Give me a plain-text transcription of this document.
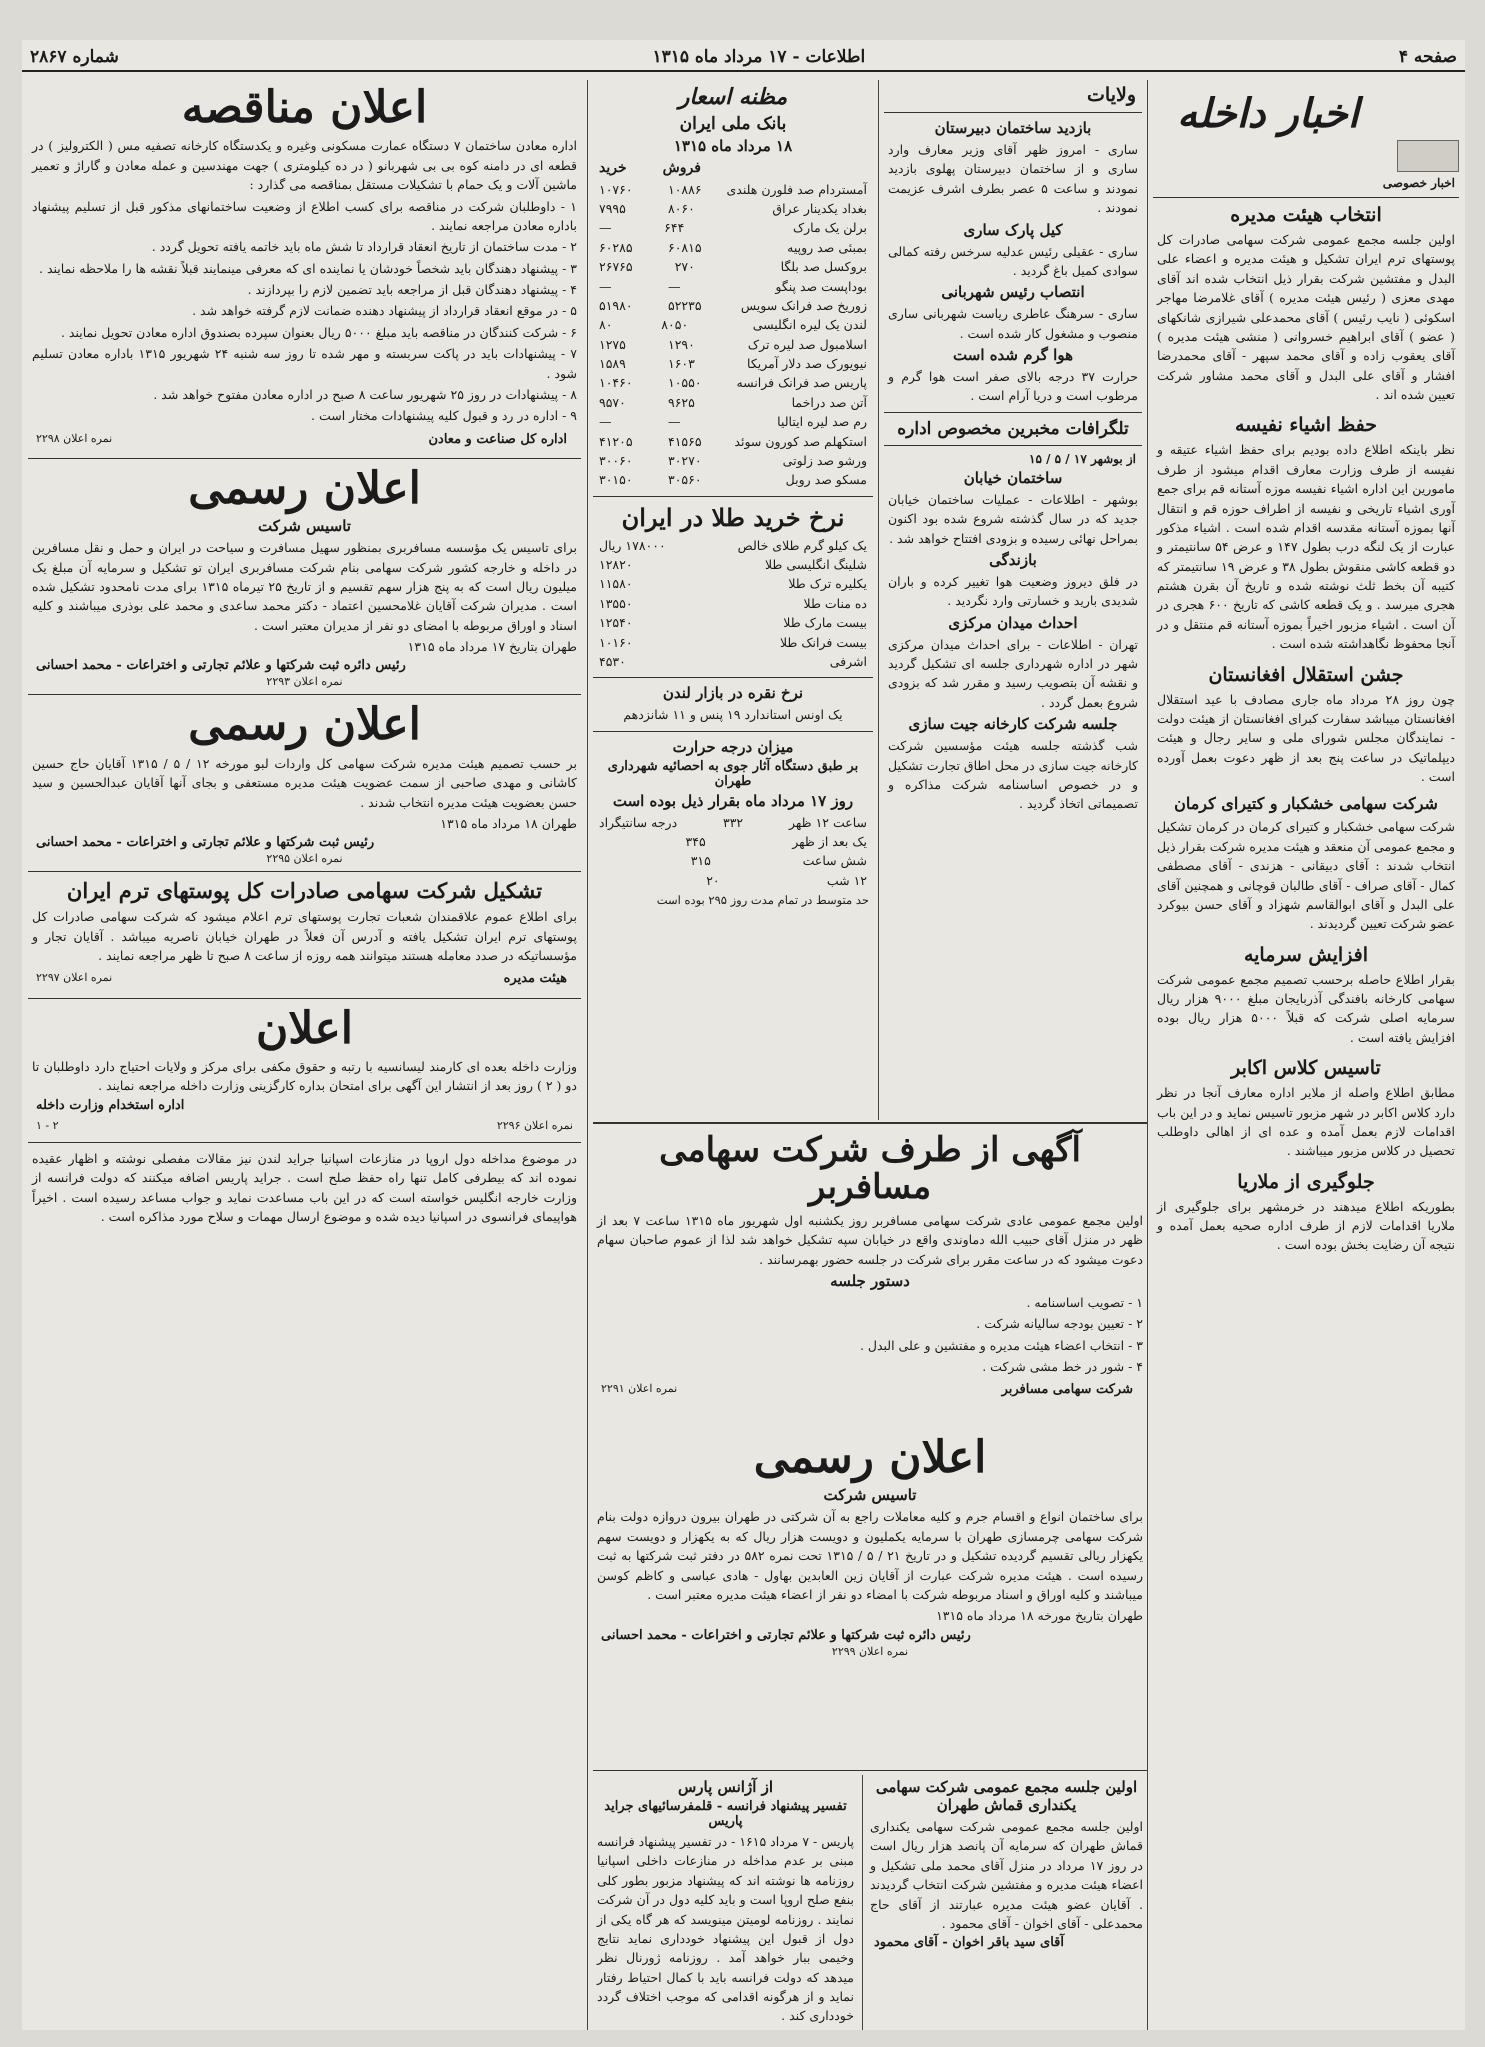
صفحه ۴
اطلاعات - ۱۷ مرداد ماه ۱۳۱۵
شماره ۲۸۶۷
اخبار داخله
اخبار خصوصی
انتخاب هیئت مدیره
اولین جلسه مجمع عمومی شرکت سهامی صادرات کل پوستهای ترم ایران تشکیل و هیئت مدیره و اعضاء علی البدل و مفتشین شرکت بقرار ذیل انتخاب شده اند آقای مهدی معزی ( رئیس هیئت مدیره ) آقای غلامرضا مهاجر اسکوئی ( نایب رئیس ) آقای محمدعلی شیرازی شانکهای ( عضو ) آقای ابراهیم خسروانی ( منشی هیئت مدیره ) آقای یعقوب زاده و آقای محمد سپهر - آقای محمدرضا افشار و آقای علی البدل و آقای محمد مشاور شرکت تعیین شده اند .
حفظ اشیاء نفیسه
نظر باینکه اطلاع داده بودیم برای حفظ اشیاء عتیقه و نفیسه از طرف وزارت معارف اقدام میشود از طرف مامورین این اداره اشیاء نفیسه موزه آستانه قم برای جمع آوری اشیاء تاریخی و نفیسه از اطراف حوزه قم و انتقال آنها بموزه آستانه مقدسه اقدام شده است . اشیاء مذکور عبارت از یک لنگه درب بطول ۱۴۷ و عرض ۵۴ سانتیمتر و دو قطعه کاشی منقوش بطول ۳۸ و عرض ۱۹ سانتیمتر که کتیبه آن بخط ثلث نوشته شده و تاریخ آن بقرن هشتم هجری میرسد . و یک قطعه کاشی که تاریخ ۶۰۰ هجری در آن است . اشیاء مزبور اخیراً بموزه آستانه قم منتقل و در آنجا محفوظ نگاهداشته شده است .
جشن استقلال افغانستان
چون روز ۲۸ مرداد ماه جاری مصادف با عید استقلال افغانستان میباشد سفارت کبرای افغانستان از هیئت دولت - نمایندگان مجلس شورای ملی و سایر رجال و هیئت دیپلماتیک در ساعت پنج بعد از ظهر دعوت بعمل آورده است .
شرکت سهامی خشکبار و کتیرای کرمان
شرکت سهامی خشکبار و کتیرای کرمان در کرمان تشکیل و مجمع عمومی آن منعقد و هیئت مدیره شرکت بقرار ذیل انتخاب شدند : آقای دبیقانی - هزندی - آقای مصطفی کمال - آقای صراف - آقای طالبان قوچانی و همچنین آقای علی البدل و آقای ابوالقاسم شهزاد و آقای حسن بیوکرد عضو شرکت تعیین گردیدند .
افزایش سرمایه
بقرار اطلاع حاصله برحسب تصمیم مجمع عمومی شرکت سهامی کارخانه بافندگی آذربایجان مبلغ ۹۰۰۰ هزار ریال سرمایه اصلی شرکت که قبلاً ۵۰۰۰ هزار ریال بوده افزایش یافته است .
تاسیس کلاس اکابر
مطابق اطلاع واصله از ملایر اداره معارف آنجا در نظر دارد کلاس اکابر در شهر مزبور تاسیس نماید و در این باب اقدامات لازم بعمل آمده و عده ای از اهالی داوطلب تحصیل در کلاس مزبور میباشند .
جلوگیری از ملاریا
بطوریکه اطلاع میدهند در خرمشهر برای جلوگیری از ملاریا اقدامات لازم از طرف اداره صحیه بعمل آمده و نتیجه آن رضایت بخش بوده است .
ولایات
بازدید ساختمان دبیرستان
ساری - امروز ظهر آقای وزیر معارف وارد ساری و از ساختمان دبیرستان پهلوی بازدید نمودند و ساعت ۵ عصر بطرف اشرف عزیمت نمودند .
کیل پارک ساری
ساری - عقیلی رئیس عدلیه سرخس رفته کمالی سوادی کمیل باغ گردید .
انتصاب رئیس شهربانی
ساری - سرهنگ عاطری ریاست شهربانی ساری منصوب و مشغول کار شده است .
هوا گرم شده است
حرارت ۳۷ درجه بالای صفر است هوا گرم و مرطوب است و دریا آرام است .
تلگرافات مخبرین مخصوص اداره
از بوشهر ۱۷ / ۵ / ۱۵
ساختمان خیابان
بوشهر - اطلاعات - عملیات ساختمان خیابان جدید که در سال گذشته شروع شده بود اکنون بمراحل نهائی رسیده و بزودی افتتاح خواهد شد .
بازندگی
در فلق دیروز وضعیت هوا تغییر کرده و باران شدیدی بارید و خسارتی وارد نگردید .
احداث میدان مرکزی
تهران - اطلاعات - برای احداث میدان مرکزی شهر در اداره شهرداری جلسه ای تشکیل گردید و نقشه آن بتصویب رسید و مقرر شد که بزودی شروع بعمل گردد .
جلسه شرکت کارخانه جیت سازی
شب گذشته جلسه هیئت مؤسسین شرکت کارخانه جیت سازی در محل اطاق تجارت تشکیل و در خصوص اساسنامه شرکت مذاکره و تصمیماتی اتخاذ گردید .
مظنه اسعار
بانک ملی ایران
۱۸ مرداد ماه ۱۳۱۵
فروش
خرید
آمستردام صد فلورن هلندی
۱۰۸۸۶
۱۰۷۶۰
بغداد یکدینار عراق
۸۰۶۰
۷۹۹۵
برلن یک مارک
۶۴۴
—
بمبئی صد روپیه
۶۰۸۱۵
۶۰۲۸۵
بروکسل صد بلگا
۲۷۰
۲۶۷۶۵
بوداپست صد پنگو
—
—
زوریخ صد فرانک سویس
۵۲۲۳۵
۵۱۹۸۰
لندن یک لیره انگلیسی
۸۰۵۰
۸۰
اسلامبول صد لیره ترک
۱۲۹۰
۱۲۷۵
نیویورک صد دلار آمریکا
۱۶۰۳
۱۵۸۹
پاریس صد فرانک فرانسه
۱۰۵۵۰
۱۰۴۶۰
آتن صد دراخما
۹۶۲۵
۹۵۷۰
رم صد لیره ایتالیا
—
—
استکهلم صد کورون سوئد
۴۱۵۶۵
۴۱۲۰۵
ورشو صد زلوتی
۳۰۲۷۰
۳۰۰۶۰
مسکو صد روبل
۳۰۵۶۰
۳۰۱۵۰
نرخ خرید طلا در ایران
یک کیلو گرم طلای خالص
۱۷۸۰۰۰ ریال
شلینگ انگلیسی طلا
۱۲۸۲۰
یکلیره ترک طلا
۱۱۵۸۰
ده منات طلا
۱۳۵۵۰
بیست مارک طلا
۱۲۵۴۰
بیست فرانک طلا
۱۰۱۶۰
اشرفی
۴۵۳۰
نرخ نقره در بازار لندن
یک اونس استاندارد ۱۹ پنس و ۱۱ شانزدهم
میزان درجه حرارت
بر طبق دستگاه آثار جوی به احصائیه شهرداری طهران
روز ۱۷ مرداد ماه بقرار ذیل بوده است
ساعت ۱۲ ظهر
۳۳۲
درجه سانتیگراد
یک بعد از ظهر
۳۴۵
شش ساعت
۳۱۵
۱۲ شب
۲۰
حد متوسط در تمام مدت روز ۲۹۵ بوده است
آگهی از طرف شرکت سهامی مسافربر
اولین مجمع عمومی عادی شرکت سهامی مسافربر روز یکشنبه اول شهریور ماه ۱۳۱۵ ساعت ۷ بعد از ظهر در منزل آقای حبیب الله دماوندی واقع در خیابان سپه تشکیل خواهد شد لذا از عموم صاحبان سهام دعوت میشود که در ساعت مقرر برای شرکت در جلسه حضور بهمرسانند .
دستور جلسه
۱ - تصویب اساسنامه .
۲ - تعیین بودجه سالیانه شرکت .
۳ - انتخاب اعضاء هیئت مدیره و مفتشین و علی البدل .
۴ - شور در خط مشی شرکت .
شرکت سهامی مسافربر
نمره اعلان ۲۲۹۱
اعلان رسمی
تاسیس شرکت
برای ساختمان انواع و اقسام جرم و کلیه معاملات راجع به آن شرکتی در طهران بیرون دروازه دولت بنام شرکت سهامی چرمسازی طهران با سرمایه یکملیون و دویست هزار ریال که به یکهزار و دویست سهم یکهزار ریالی تقسیم گردیده تشکیل و در تاریخ ۲۱ / ۵ / ۱۳۱۵ تحت نمره ۵۸۲ در دفتر ثبت شرکتها به ثبت رسیده است . هیئت مدیره شرکت عبارت از آقایان زین العابدین بهاول - هادی عباسی و کاظم کوسن میباشند و کلیه اوراق و اسناد مربوطه شرکت با امضاء دو نفر از اعضاء هیئت مدیره معتبر است .
طهران بتاریخ مورخه ۱۸ مرداد ماه ۱۳۱۵
رئیس دائره ثبت شرکتها و علائم تجارتی و اختراعات - محمد احسانی
نمره اعلان ۲۲۹۹
اولین جلسه مجمع عمومی شرکت سهامی یکنداری قماش طهران
اولین جلسه مجمع عمومی شرکت سهامی یکنداری قماش طهران که سرمایه آن پانصد هزار ریال است در روز ۱۷ مرداد در منزل آقای محمد ملی تشکیل و اعضاء هیئت مدیره و مفتشین شرکت انتخاب گردیدند . آقایان عضو هیئت مدیره عبارتند از آقای حاج محمدعلی - آقای اخوان - آقای محمود .
آقای سید باقر اخوان - آقای محمود
از آژانس پارس
تفسیر پیشنهاد فرانسه - قلمفرسائیهای جراید پاریس
پاریس - ۷ مرداد ۱۶۱۵ - در تفسیر پیشنهاد فرانسه مبنی بر عدم مداخله در منازعات داخلی اسپانیا روزنامه ها نوشته اند که پیشنهاد مزبور بطور کلی بنفع صلح اروپا است و باید کلیه دول در آن شرکت نمایند . روزنامه لومیتن مینویسد که هر گاه یکی از دول از قبول این پیشنهاد خودداری نماید نتایج وخیمی ببار خواهد آمد . روزنامه ژورنال نظر میدهد که دولت فرانسه باید با کمال احتیاط رفتار نماید و از هرگونه اقدامی که موجب اختلاف گردد خودداری کند .
اعلان مناقصه
اداره معادن ساختمان ۷ دستگاه عمارت مسکونی وغیره و یکدستگاه کارخانه تصفیه مس ( الکترولیز ) در قطعه ای در دامنه کوه بی بی شهربانو ( در ده کیلومتری ) جهت مهندسین و عمله معادن و گاراژ و تعمیر ماشین آلات و یک حمام با تشکیلات مستقل بمناقصه می گذارد :
۱ - داوطلبان شرکت در مناقصه برای کسب اطلاع از وضعیت ساختمانهای مذکور قبل از تسلیم پیشنهاد باداره معادن مراجعه نمایند .
۲ - مدت ساختمان از تاریخ انعقاد قرارداد تا شش ماه باید خاتمه یافته تحویل گردد .
۳ - پیشنهاد دهندگان باید شخصاً خودشان یا نماینده ای که معرفی مینمایند قبلاً نقشه ها را ملاحظه نمایند .
۴ - پیشنهاد دهندگان قبل از مراجعه باید تضمین لازم را بپردازند .
۵ - در موقع انعقاد قرارداد از پیشنهاد دهنده ضمانت لازم گرفته خواهد شد .
۶ - شرکت کنندگان در مناقصه باید مبلغ ۵۰۰۰ ریال بعنوان سپرده بصندوق اداره معادن تحویل نمایند .
۷ - پیشنهادات باید در پاکت سربسته و مهر شده تا روز سه شنبه ۲۴ شهریور ۱۳۱۵ باداره معادن تسلیم شود .
۸ - پیشنهادات در روز ۲۵ شهریور ساعت ۸ صبح در اداره معادن مفتوح خواهد شد .
۹ - اداره در رد و قبول کلیه پیشنهادات مختار است .
اداره کل صناعت و معادن
نمره اعلان ۲۲۹۸
اعلان رسمی
تاسیس شرکت
برای تاسیس یک مؤسسه مسافربری بمنظور سهیل مسافرت و سیاحت در ایران و حمل و نقل مسافرین در داخله و خارجه کشور شرکت سهامی بنام شرکت مسافربری ایران تو تشکیل و سرمایه آن مبلغ یک میلیون ریال است که به پنج هزار سهم تقسیم و از تاریخ ۲۵ تیرماه ۱۳۱۵ برای مدت نامحدود تشکیل شده است . مدیران شرکت آقایان غلامحسین اعتماد - دکتر محمد ساعدی و محمد علی بوذری میباشند و کلیه اسناد و اوراق مربوطه با امضای دو نفر از مدیران معتبر است .
طهران بتاریخ ۱۷ مرداد ماه ۱۳۱۵
رئیس دائره ثبت شرکتها و علائم تجارتی و اختراعات - محمد احسانی
نمره اعلان ۲۲۹۳
اعلان رسمی
بر حسب تصمیم هیئت مدیره شرکت سهامی کل واردات لبو مورخه ۱۲ / ۵ / ۱۳۱۵ آقایان حاج حسین کاشانی و مهدی صاحبی از سمت عضویت هیئت مدیره مستعفی و بجای آنها آقایان عبدالحسین و سید حسن بعضویت هیئت مدیره انتخاب شدند .
طهران ۱۸ مرداد ماه ۱۳۱۵
رئیس ثبت شرکتها و علائم تجارتی و اختراعات - محمد احسانی
نمره اعلان ۲۲۹۵
تشکیل شرکت سهامی صادرات کل پوستهای ترم ایران
برای اطلاع عموم علاقمندان شعبات تجارت پوستهای ترم اعلام میشود که شرکت سهامی صادرات کل پوستهای ترم ایران تشکیل یافته و آدرس آن فعلاً در طهران خیابان ناصریه میباشد . آقایان تجار و مؤسساتیکه در صدد معامله هستند میتوانند همه روزه از ساعت ۸ صبح تا ظهر مراجعه نمایند .
هیئت مدیره
نمره اعلان ۲۲۹۷
اعلان
وزارت داخله بعده ای کارمند لیسانسیه با رتبه و حقوق مکفی برای مرکز و ولایات احتیاج دارد داوطلبان تا دو ( ۲ ) روز بعد از انتشار این آگهی برای امتحان بداره کارگزینی وزارت داخله مراجعه نمایند .
اداره استخدام وزارت داخله
نمره اعلان ۲۲۹۶
۲ - ۱
در موضوع مداخله دول اروپا در منازعات اسپانیا جراید لندن نیز مقالات مفصلی نوشته و اظهار عقیده نموده اند که بیطرفی کامل تنها راه حفظ صلح است . جراید پاریس اضافه میکنند که دولت فرانسه از وزارت خارجه انگلیس خواسته است که در این باب مساعدت نماید و جواب مساعد رسیده است . اخیراً هواپیمای فرانسوی در اسپانیا دیده شده و موضوع ارسال مهمات و سلاح مورد مذاکره است .
